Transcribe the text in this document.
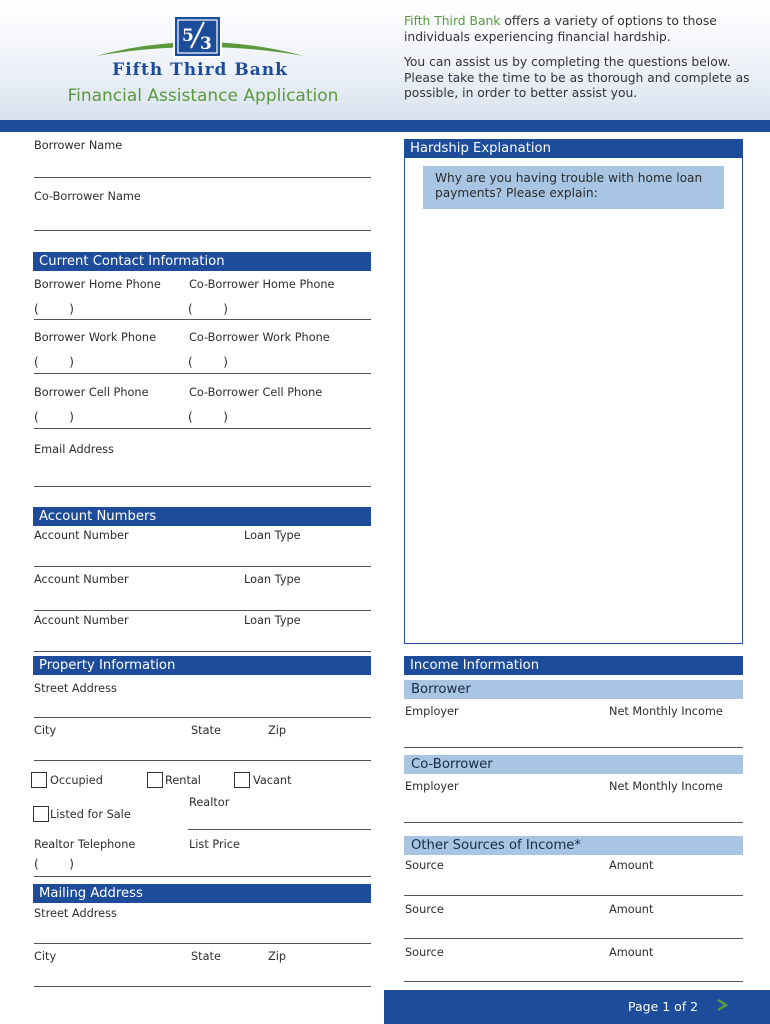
5 3
Fifth Third Bank
Financial Assistance Application

Fifth Third Bank offers a variety of options to those individuals experiencing financial hardship.

You can assist us by completing the questions below. Please take the time to be as thorough and complete as possible, in order to better assist you.

Borrower Name
Co-Borrower Name
Current Contact Information
Borrower Home Phone Co-Borrower Home Phone
(        )	(        )
Borrower Work Phone	Co-Borrower Work Phone
(        )	(        )
Borrower Cell Phone	Co-Borrower Cell Phone
(        )	(        )
Email Address
Account Numbers
Account Number	Loan Type
Account Number	Loan Type
Account Number	Loan Type
Property Information
Street Address
City	State	Zip
Occupied	Rental	Vacant
Realtor
Listed for Sale
Realtor Telephone	List Price
(        )
Mailing Address
Street Address
City	State	Zip
Hardship Explanation
Why are you having trouble with home loan payments? Please explain:
Income Information
Borrower
Employer	Net Monthly Income
Co-Borrower
Employer	Net Monthly Income
Other Sources of Income*
Source	Amount
Source	Amount
Source	Amount
Page 1 of 2
